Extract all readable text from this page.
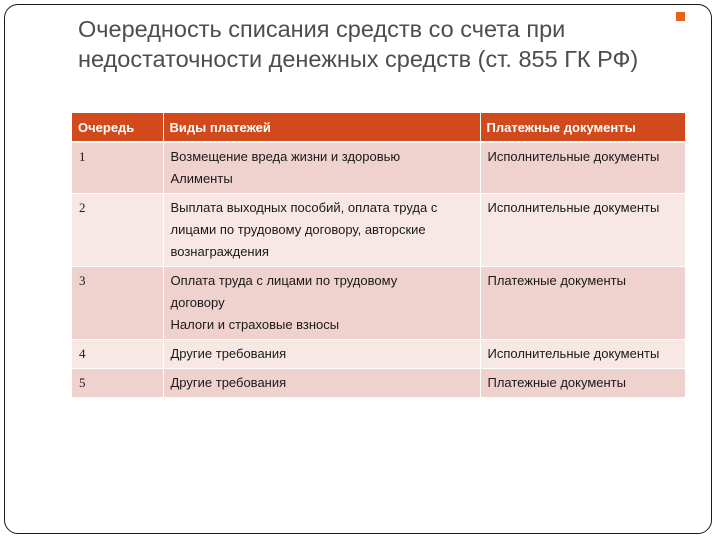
Очередность списания средств со счета при недостаточности денежных средств (ст. 855 ГК РФ)
Очередь	Виды платежей	Платежные документы
1	Возмещение вреда жизни и здоровью
Алименты	Исполнительные документы
2	Выплата выходных пособий, оплата труда с
лицами по трудовому договору, авторские
вознаграждения	Исполнительные документы
3	Оплата труда с лицами по трудовому
договору
Налоги и страховые взносы	Платежные документы
4	Другие требования	Исполнительные документы
5	Другие требования	Платежные документы
